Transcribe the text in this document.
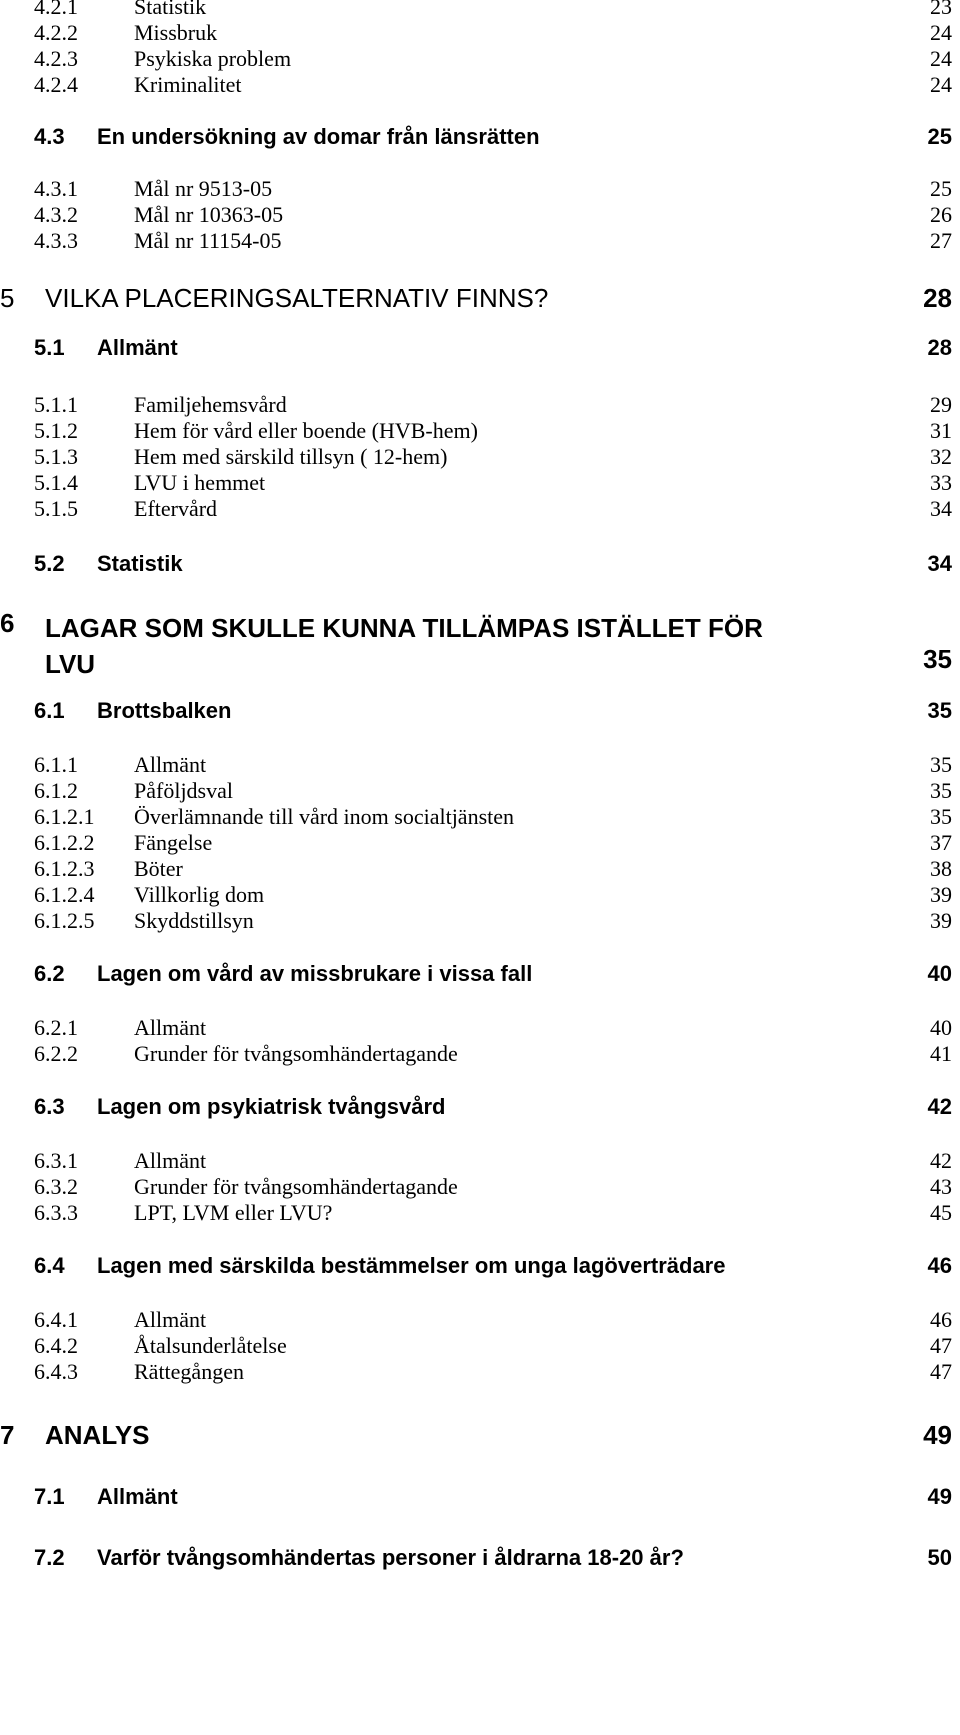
4.2.1	Statistik	23
4.2.2	Missbruk	24
4.2.3	Psykiska problem	24
4.2.4	Kriminalitet	24
4.3 En undersökning av domar från länsrätten	25
4.3.1	Mål nr 9513-05	25
4.3.2	Mål nr 10363-05	26
4.3.3	Mål nr 11154-05	27
5 VILKA PLACERINGSALTERNATIV FINNS?	28
5.1 Allmänt	28
5.1.1	Familjehemsvård	29
5.1.2	Hem för vård eller boende (HVB-hem)	31
5.1.3	Hem med särskild tillsyn ( 12-hem)	32
5.1.4	LVU i hemmet	33
5.1.5	Eftervård	34
5.2 Statistik	34
6 LAGAR SOM SKULLE KUNNA TILLÄMPAS ISTÄLLET FÖR
LVU	35
6.1 Brottsbalken	35
6.1.1	Allmänt	35
6.1.2	Påföljdsval	35
6.1.2.1 Överlämnande till vård inom socialtjänsten	35
6.1.2.2 Fängelse	37
6.1.2.3 Böter	38
6.1.2.4 Villkorlig dom	39
6.1.2.5 Skyddstillsyn	39
6.2 Lagen om vård av missbrukare i vissa fall	40
6.2.1	Allmänt	40
6.2.2	Grunder för tvångsomhändertagande	41
6.3 Lagen om psykiatrisk tvångsvård	42
6.3.1	Allmänt	42
6.3.2	Grunder för tvångsomhändertagande	43
6.3.3	LPT, LVM eller LVU?	45
6.4 Lagen med särskilda bestämmelser om unga lagöverträdare	46
6.4.1	Allmänt	46
6.4.2	Åtalsunderlåtelse	47
6.4.3	Rättegången	47
7 ANALYS	49
7.1 Allmänt	49
7.2 Varför tvångsomhändertas personer i åldrarna 18-20 år?	50
